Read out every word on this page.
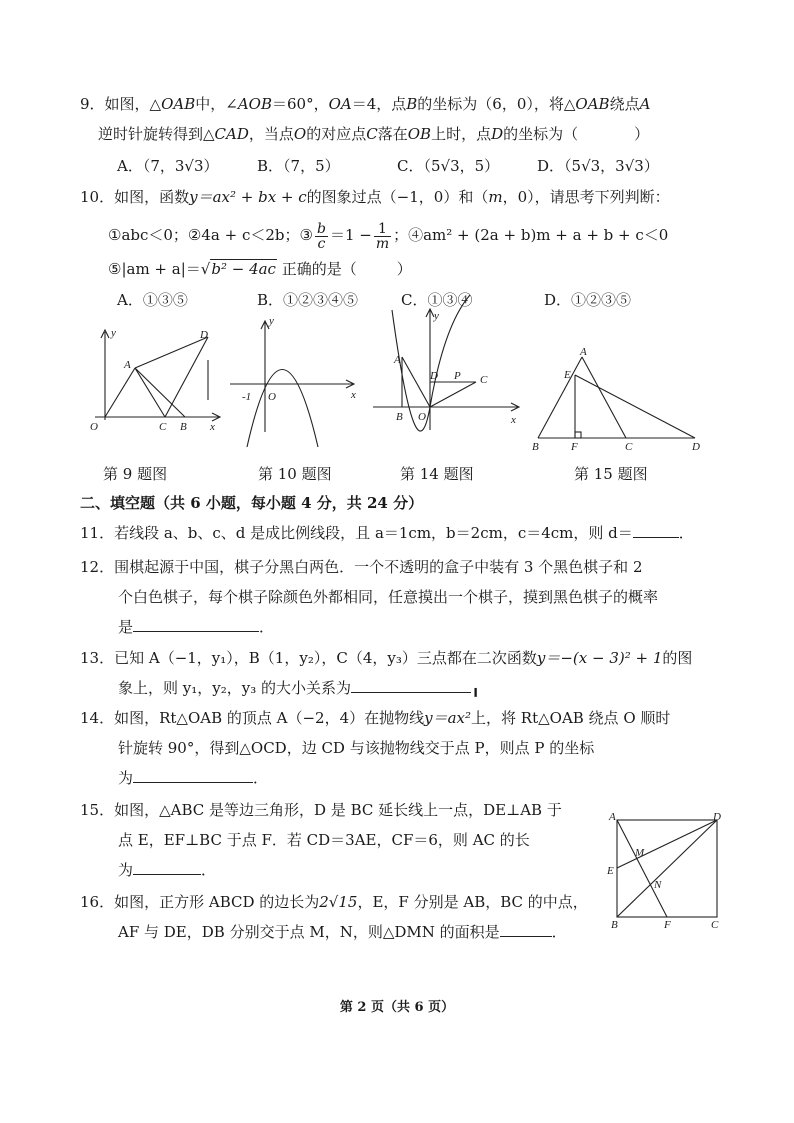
9．如图，△OAB中，∠AOB＝60°，OA＝4，点B的坐标为（6，0），将△OAB绕点A
逆时针旋转得到△CAD，当点O的对应点C落在OB上时，点D的坐标为（	）
A．（7，3√3）	B．（7，5）	C．（5√3，5）	D．（5√3，3√3）
10．如图，函数y＝ax² + bx + c的图象过点（−1，0）和（m，0），请思考下列判断：
①abc＜0；②4a + c＜2b；③ $\frac{b}{c} =1 - \frac{1}{m}$ ；④am² + (2a + b)m + a + b + c＜0
⑤|am + a|＝√b² − 4ac 正确的是（	）
A．①③⑤	B．①②③④⑤	C．①③④	D．①②③⑤
y	D
A
O	C B x
第 9 题图
y
-1 O	x
第 10 题图
y
A
D P C
B O	x
第 14 题图
A
E
B	F	C	D
第 15 题图
二、填空题（共 6 小题，每小题 4 分，共 24 分）
11．若线段 a、b、c、d 是成比例线段，且 a＝1cm，b＝2cm，c＝4cm，则 d＝	．
12．围棋起源于中国，棋子分黑白两色．一个不透明的盒子中装有 3 个黑色棋子和 2
个白色棋子，每个棋子除颜色外都相同，任意摸出一个棋子，摸到黑色棋子的概率
是	．
13．已知 A（−1，y₁），B（1，y₂），C（4，y₃）三点都在二次函数y＝−(x − 3)² + 1的图
象上，则 y₁，y₂，y₃ 的大小关系为	╻
14．如图，Rt△OAB 的顶点 A（−2，4）在抛物线y＝ax²上，将 Rt△OAB 绕点 O 顺时
针旋转 90°，得到△OCD，边 CD 与该抛物线交于点 P，则点 P 的坐标
为	．
15．如图，△ABC 是等边三角形，D 是 BC 延长线上一点，DE⊥AB 于
点 E，EF⊥BC 于点 F．若 CD＝3AE，CF＝6，则 AC 的长
为	．
16．如图，正方形 ABCD 的边长为2√15，E，F 分别是 AB，BC 的中点，
AF 与 DE，DB 分别交于点 M，N，则△DMN 的面积是	．
A	D
M
E
N
B	F	C
第 2 页（共 6 页）
